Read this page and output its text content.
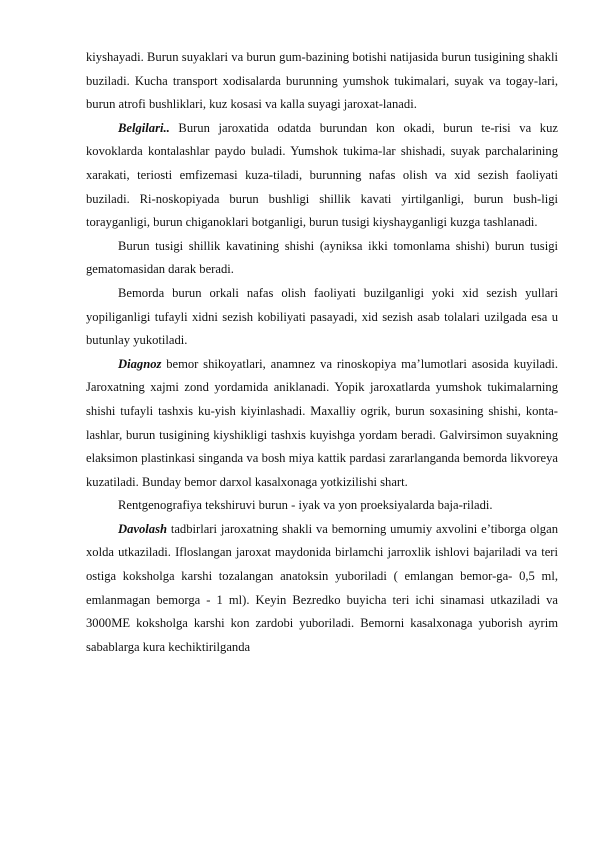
kiyshayadi. Burun suyaklari va burun gum-bazining botishi natijasida burun tusigining shakli buziladi. Kucha transport xodisalarda burunning yumshok tukimalari, suyak va togay-lari, burun atrofi bushliklari, kuz kosasi va kalla suyagi jaroxat-lanadi.

Belgilari.. Burun jaroxatida odatda burundan kon okadi, burun te-risi va kuz kovoklarda kontalashlar paydo buladi. Yumshok tukima-lar shishadi, suyak parchalarining xarakati, teriosti emfizemasi kuza-tiladi, burunning nafas olish va xid sezish faoliyati buziladi. Ri-noskopiyada burun bushligi shillik kavati yirtilganligi, burun bush-ligi torayganligi, burun chiganoklari botganligi, burun tusigi kiyshayganligi kuzga tashlanadi.

Burun tusigi shillik kavatining shishi (ayniksa ikki tomonlama shishi) burun tusigi gematomasidan darak beradi.

Bemorda burun orkali nafas olish faoliyati buzilganligi yoki xid sezish yullari yopiliganligi tufayli xidni sezish kobiliyati pasayadi, xid sezish asab tolalari uzilgada esa u butunlay yukotiladi.

Diagnoz bemor shikoyatlari, anamnez va rinoskopiya ma’lumotlari asosida kuyiladi. Jaroxatning xajmi zond yordamida aniklanadi. Yopik jaroxatlarda yumshok tukimalarning shishi tufayli tashxis ku-yish kiyinlashadi. Maxalliy ogrik, burun soxasining shishi, konta-lashlar, burun tusigining kiyshikligi tashxis kuyishga yordam beradi. Galvirsimon suyakning elaksimon plastinkasi singanda va bosh miya kattik pardasi zararlanganda bemorda likvoreya kuzatiladi. Bunday bemor darxol kasalxonaga yotkizilishi shart.

Rentgenografiya tekshiruvi burun - iyak va yon proeksiyalarda baja-riladi.

Davolash tadbirlari jaroxatning shakli va bemorning umumiy axvolini e’tiborga olgan xolda utkaziladi. Ifloslangan jaroxat maydonida birlamchi jarroxlik ishlovi bajariladi va teri ostiga koksholga karshi tozalangan anatoksin yuboriladi ( emlangan bemor-ga- 0,5 ml, emlanmagan bemorga - 1 ml). Keyin Bezredko buyicha teri ichi sinamasi utkaziladi va 3000ME koksholga karshi kon zardobi yuboriladi. Bemorni kasalxonaga yuborish ayrim sabablarga kura kechiktirilganda
